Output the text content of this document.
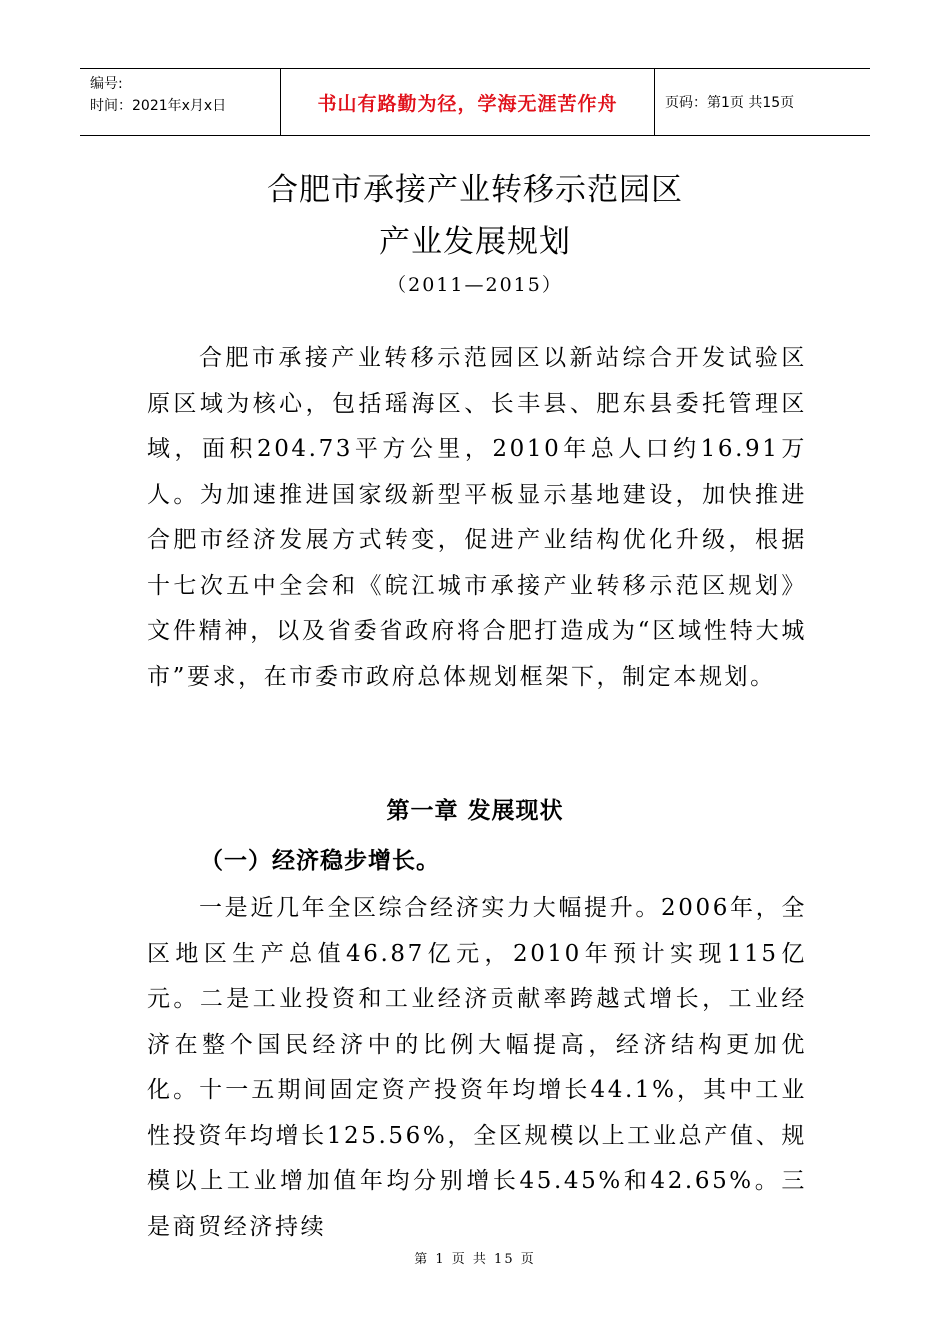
编号:
时间：2021年x月x日	书山有路勤为径，学海无涯苦作舟	页码：第1页 共15页
合肥市承接产业转移示范园区
产业发展规划
（2011—2015）

合肥市承接产业转移示范园区以新站综合开发试验区原区域为核心，包括瑶海区、长丰县、肥东县委托管理区域，面积204.73平方公里，2010年总人口约16.91万人。为加速推进国家级新型平板显示基地建设，加快推进合肥市经济发展方式转变，促进产业结构优化升级，根据十七次五中全会和《皖江城市承接产业转移示范区规划》文件精神，以及省委省政府将合肥打造成为“区域性特大城市”要求，在市委市政府总体规划框架下，制定本规划。

第一章 发展现状
（一）经济稳步增长。

一是近几年全区综合经济实力大幅提升。2006年，全区地区生产总值46.87亿元，2010年预计实现115亿元。二是工业投资和工业经济贡献率跨越式增长，工业经济在整个国民经济中的比例大幅提高，经济结构更加优化。十一五期间固定资产投资年均增长44.1%，其中工业性投资年均增长125.56%，全区规模以上工业总产值、规模以上工业增加值年均分别增长45.45%和42.65%。三是商贸经济持续

第 1 页 共 15 页
